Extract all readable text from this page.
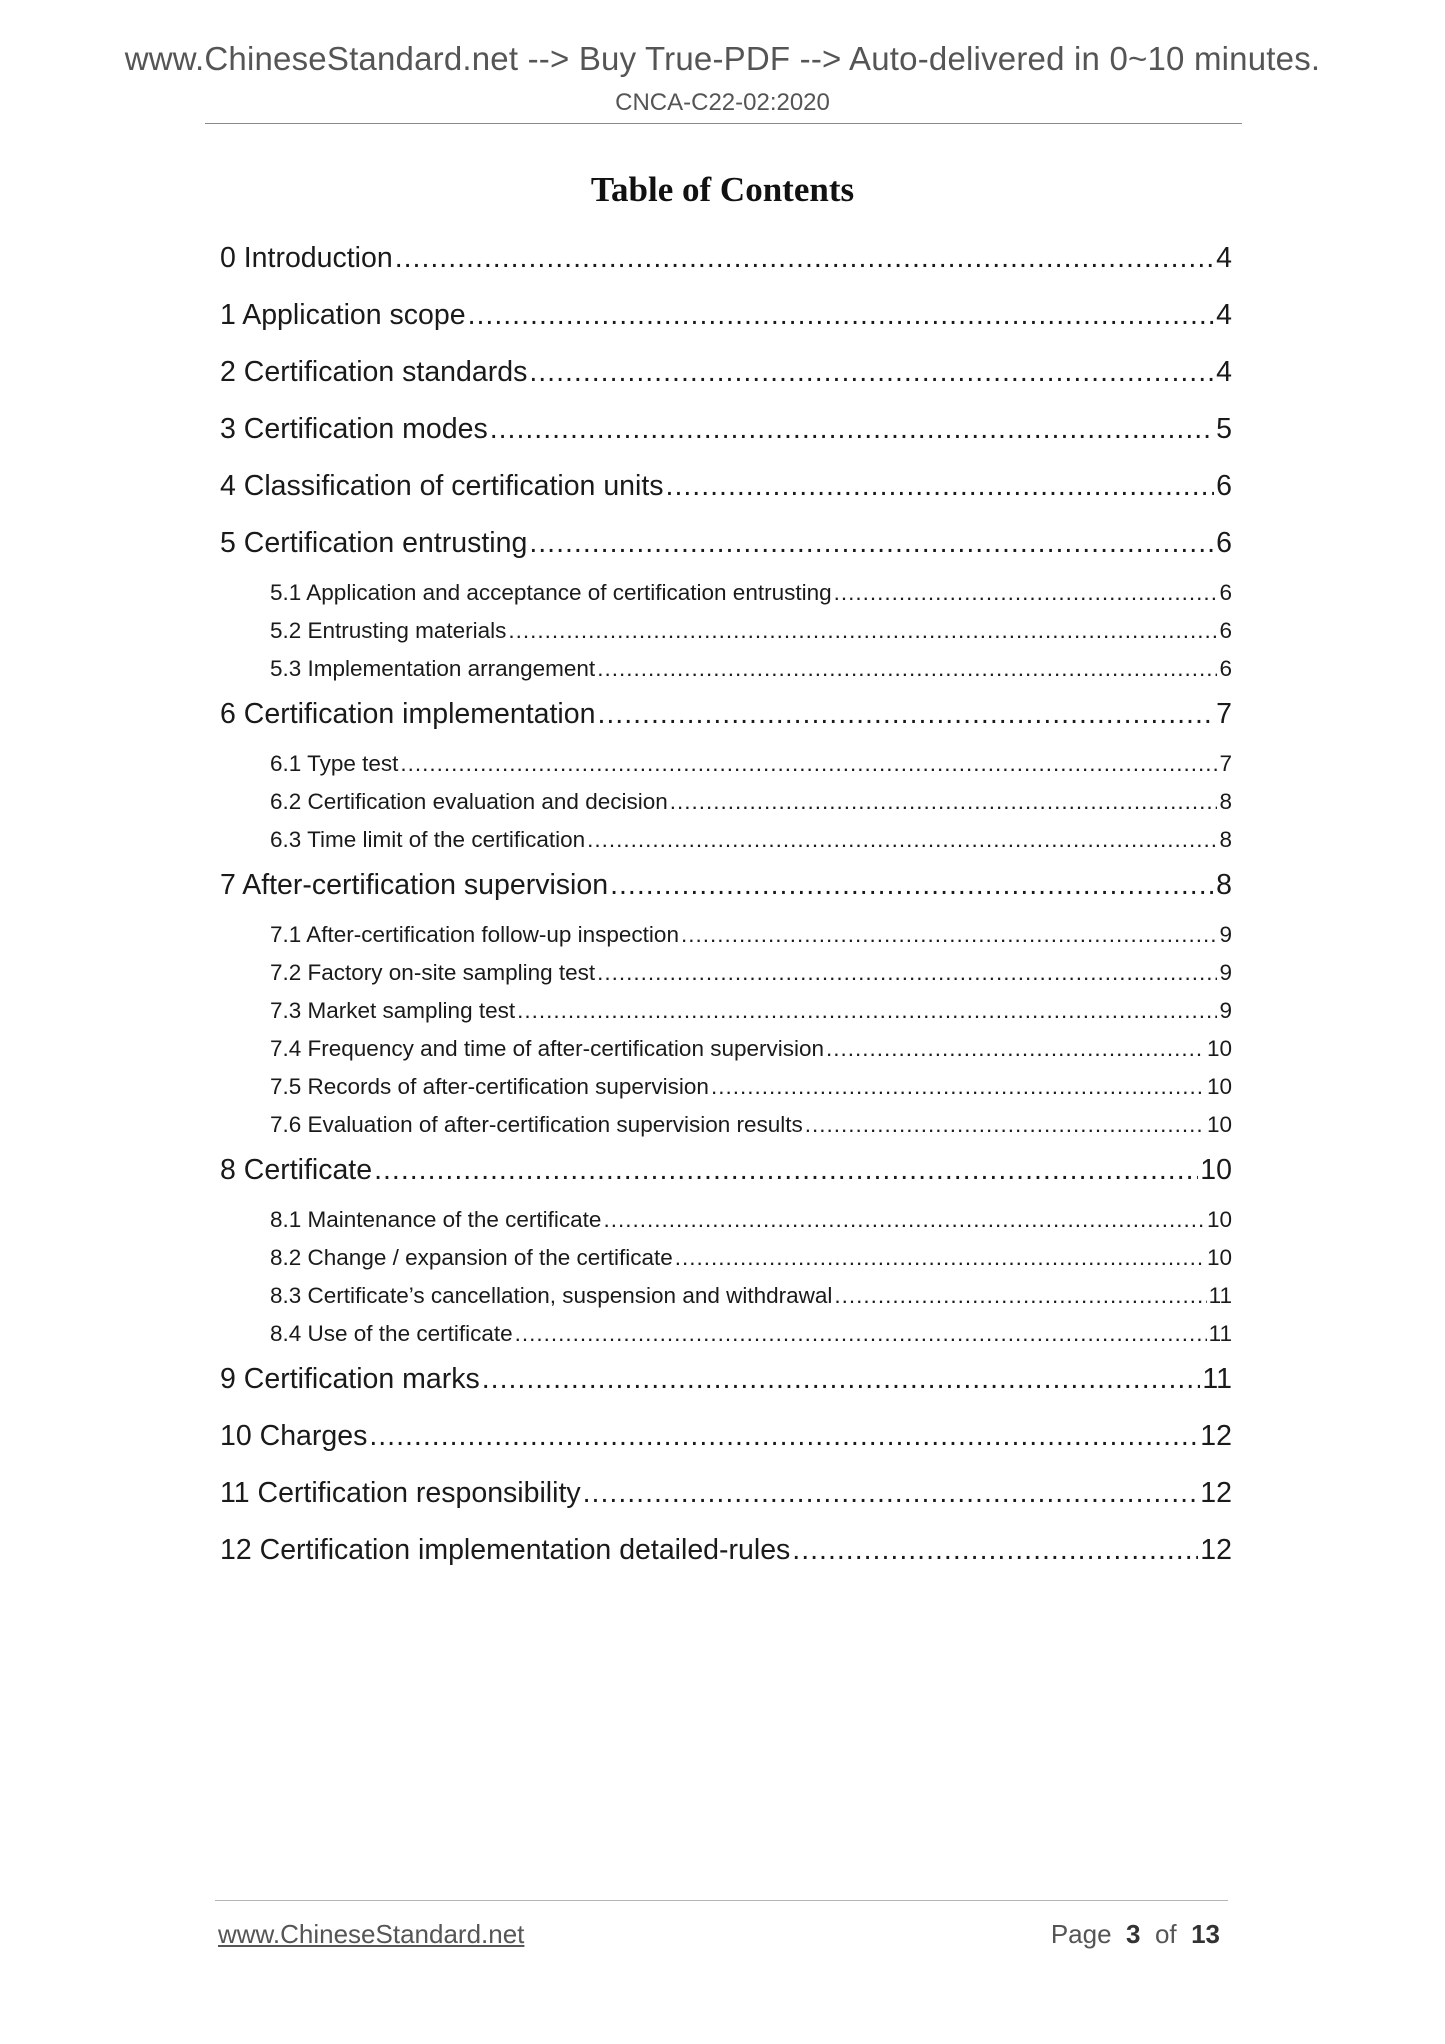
www.ChineseStandard.net --> Buy True-PDF --> Auto-delivered in 0~10 minutes.
CNCA-C22-02:2020
Table of Contents
0 Introduction .....	4
1 Application scope .....	4
2 Certification standards .....	4
3 Certification modes .....	5
4 Classification of certification units .....	6
5 Certification entrusting .....	6
5.1 Application and acceptance of certification entrusting .....	6
5.2 Entrusting materials .....	6
5.3 Implementation arrangement .....	6
6 Certification implementation .....	7
6.1 Type test .....	7
6.2 Certification evaluation and decision .....	8
6.3 Time limit of the certification .....	8
7 After-certification supervision .....	8
7.1 After-certification follow-up inspection .....	9
7.2 Factory on-site sampling test .....	9
7.3 Market sampling test .....	9
7.4 Frequency and time of after-certification supervision .....	10
7.5 Records of after-certification supervision .....	10
7.6 Evaluation of after-certification supervision results .....	10
8 Certificate .....	10
8.1 Maintenance of the certificate .....	10
8.2 Change / expansion of the certificate .....	10
8.3 Certificate’s cancellation, suspension and withdrawal .....	11
8.4 Use of the certificate .....	11
9 Certification marks .....	11
10 Charges .....	12
11 Certification responsibility .....	12
12 Certification implementation detailed-rules .....	12
www.ChineseStandard.net	Page 3 of 13
